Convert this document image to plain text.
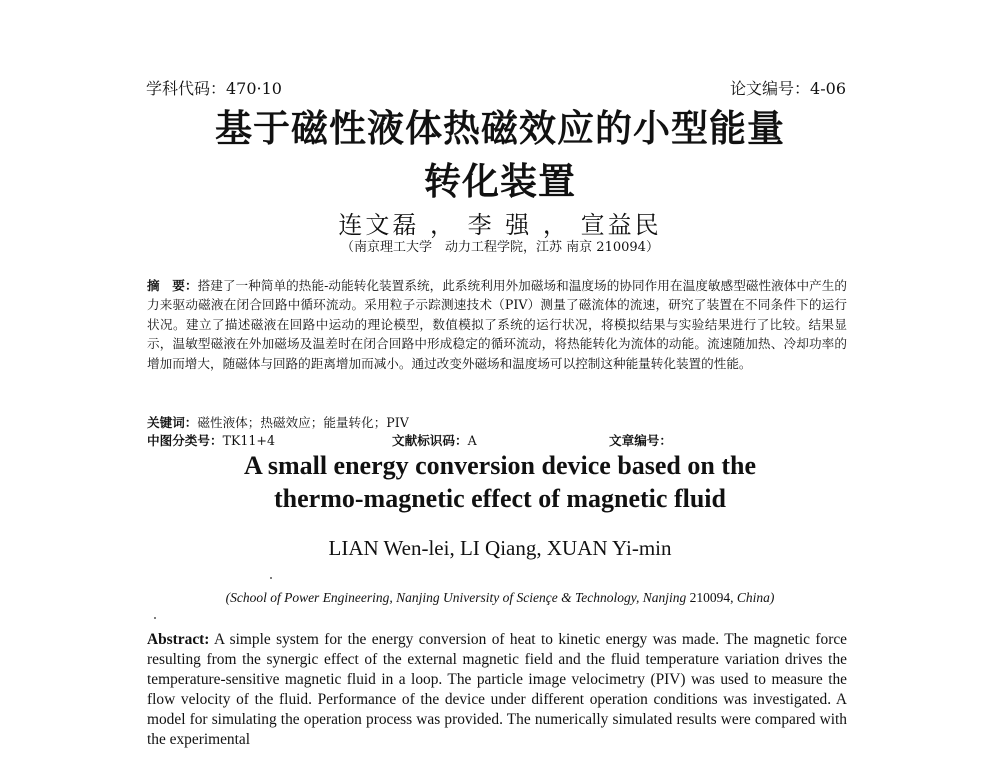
学科代码：470·10	论文编号：4-06
基于磁性液体热磁效应的小型能量
转化装置
连文磊 ， 李 强 ， 宣益民
（南京理工大学　动力工程学院，江苏 南京 210094）
摘　要：搭建了一种简单的热能-动能转化装置系统，此系统利用外加磁场和温度场的协同作用在温度敏感型磁性液体中产生的力来驱动磁液在闭合回路中循环流动。采用粒子示踪测速技术（PIV）测量了磁流体的流速，研究了装置在不同条件下的运行状况。建立了描述磁液在回路中运动的理论模型，数值模拟了系统的运行状况，将模拟结果与实验结果进行了比较。结果显示，温敏型磁液在外加磁场及温差时在闭合回路中形成稳定的循环流动，将热能转化为流体的动能。流速随加热、冷却功率的增加而增大，随磁体与回路的距离增加而减小。通过改变外磁场和温度场可以控制这种能量转化装置的性能。
关键词：磁性液体；热磁效应；能量转化；PIV
中图分类号：TK11+4	文献标识码：A	文章编号：
A small energy conversion device based on the
thermo-magnetic effect of magnetic fluid
LIAN Wen-lei, LI Qiang, XUAN Yi-min
(School of Power Engineering, Nanjing University of Sciençe & Technology, Nanjing 210094, China)
Abstract: A simple system for the energy conversion of heat to kinetic energy was made. The magnetic force resulting from the synergic effect of the external magnetic field and the fluid temperature variation drives the temperature-sensitive magnetic fluid in a loop. The particle image velocimetry (PIV) was used to measure the flow velocity of the fluid. Performance of the device under different operation conditions was investigated. A model for simulating the operation process was provided. The numerically simulated results were compared with the experimental
